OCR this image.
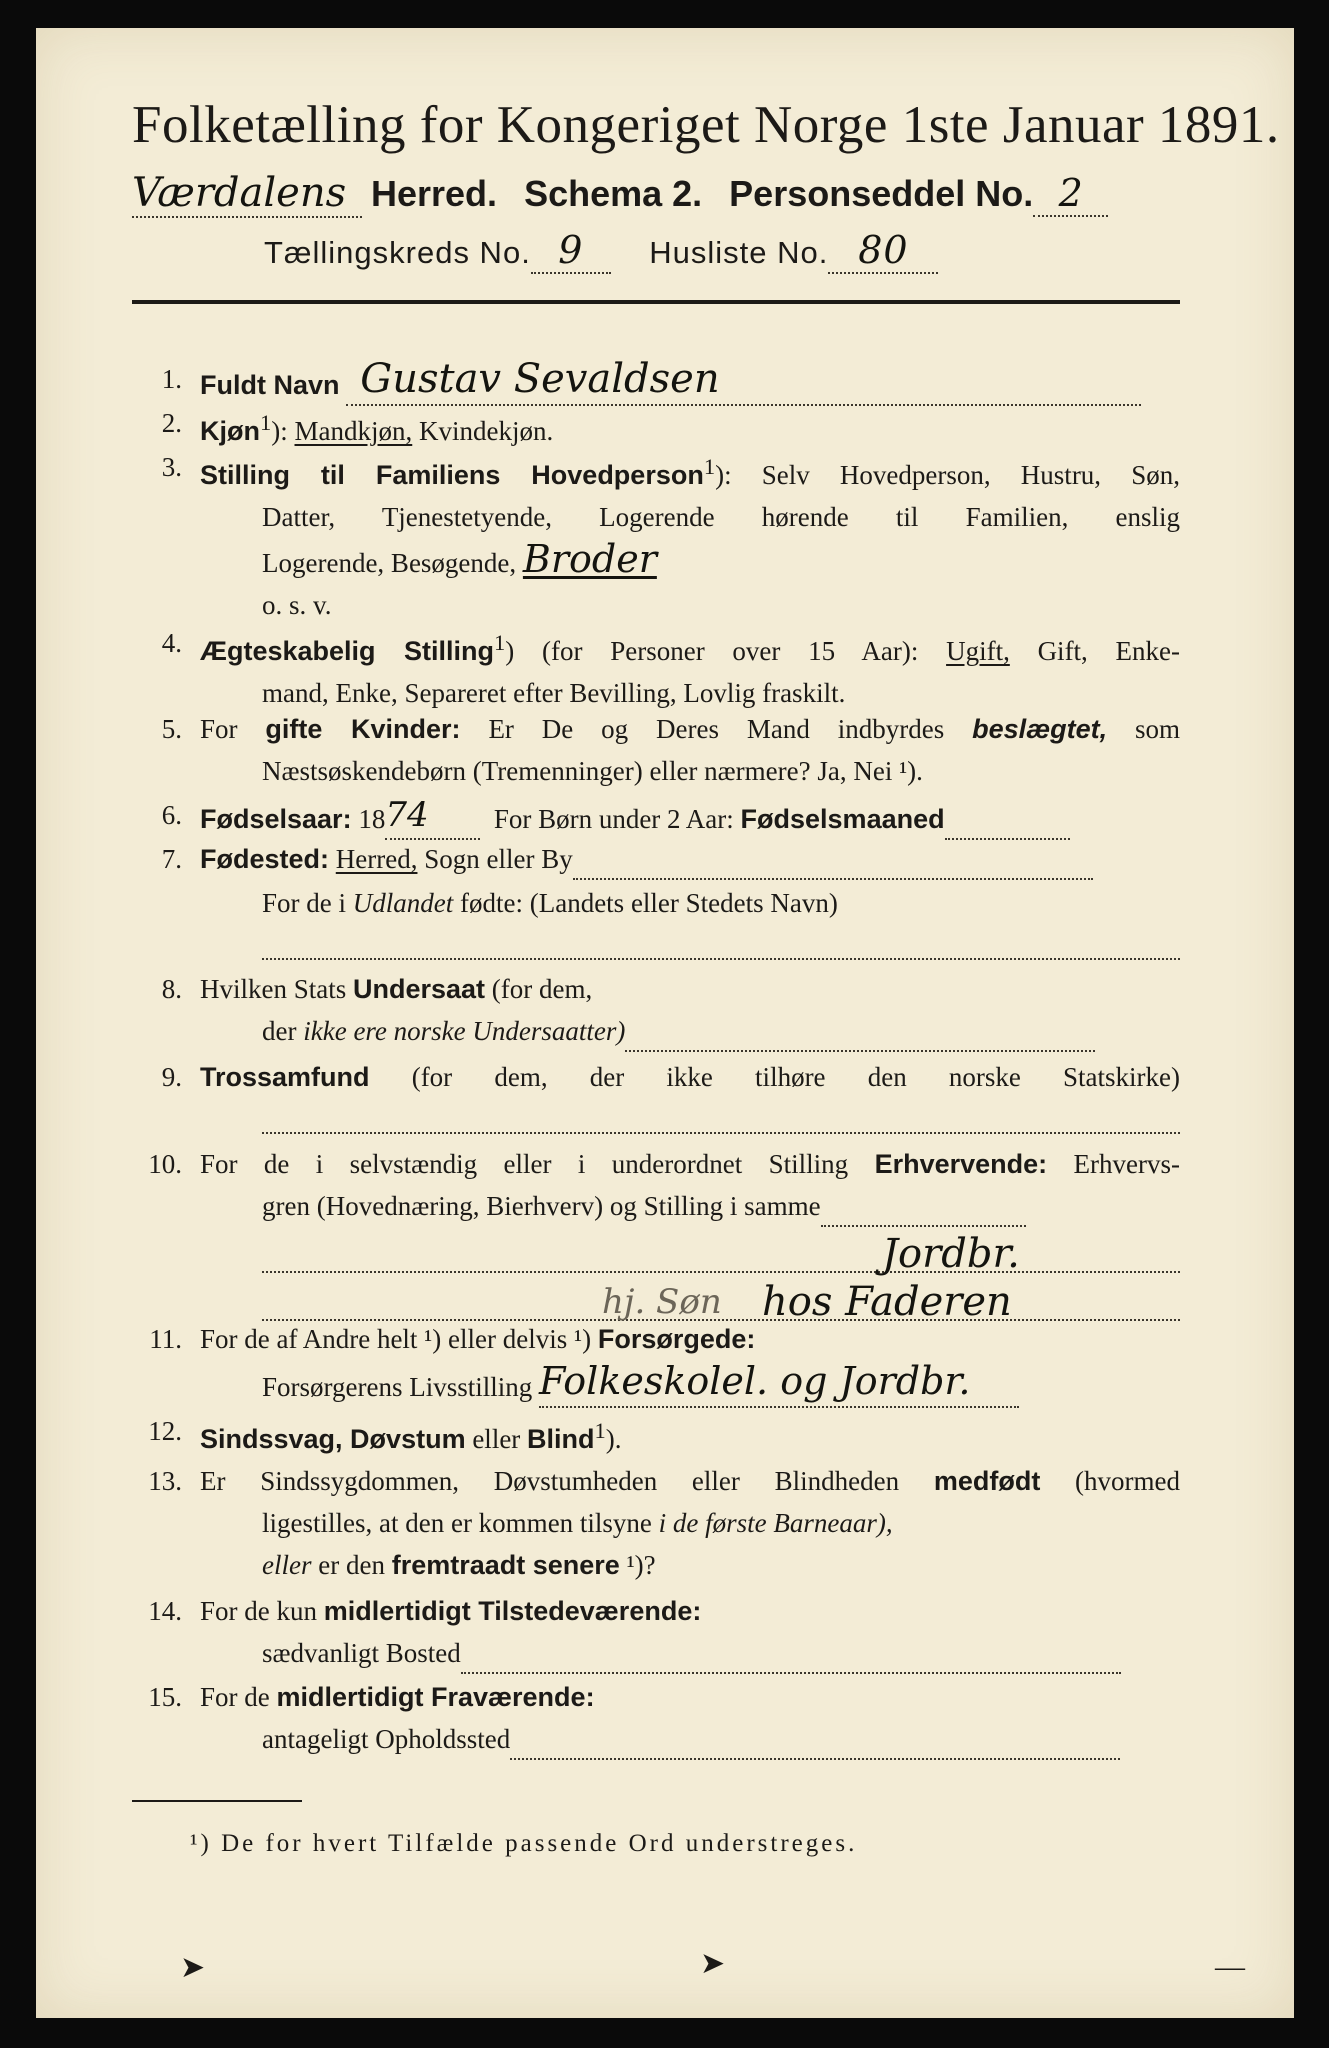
Folketælling for Kongeriget Norge 1ste Januar 1891.
Værdalens Herred. Schema 2. Personseddel No. 2
Tællingskreds No. 9 Husliste No. 80
1. Fuldt Navn Gustav Sevaldsen
2. Kjøn$^1$): Mandkjøn, Kvindekjøn.
3. Stilling til Familiens Hovedperson$^1$): Selv Hovedperson, Hustru, Søn,
Datter, Tjenestetyende, Logerende hørende til Familien, enslig
Logerende, Besøgende, Broder
o. s. v.
4. Ægteskabelig Stilling$^1$) (for Personer over 15 Aar): Ugift, Gift, Enke-
mand, Enke, Separeret efter Bevilling, Lovlig fraskilt.
5. For gifte Kvinder: Er De og Deres Mand indbyrdes beslægtet, som
Næstsøskendebørn (Tremenninger) eller nærmere? Ja, Nei ¹).
6. Fødselsaar: 1874 For Børn under 2 Aar: Fødselsmaaned
7. Fødested: Herred, Sogn eller By
For de i Udlandet fødte: (Landets eller Stedets Navn)
8. Hvilken Stats Undersaat (for dem,
der ikke ere norske Undersaatter)
9. Trossamfund (for dem, der ikke tilhøre den norske Statskirke)
10. For de i selvstændig eller i underordnet Stilling Erhvervende: Erhvervs-
gren (Hovednæring, Bierhverv) og Stilling i samme
Jordbr.
hj. Søn hos Faderen
11. For de af Andre helt ¹) eller delvis ¹) Forsørgede:
Forsørgerens Livsstilling Folkeskolel. og Jordbr.
12. Sindssvag, Døvstum eller Blind$^1$).
13. Er Sindssygdommen, Døvstumheden eller Blindheden medfødt (hvormed
ligestilles, at den er kommen tilsyne i de første Barneaar),
eller er den fremtraadt senere ¹)?
14. For de kun midlertidigt Tilstedeværende:
sædvanligt Bosted
15. For de midlertidigt Fraværende:
antageligt Opholdssted
¹) De for hvert Tilfælde passende Ord understreges.
➤	➤	—
